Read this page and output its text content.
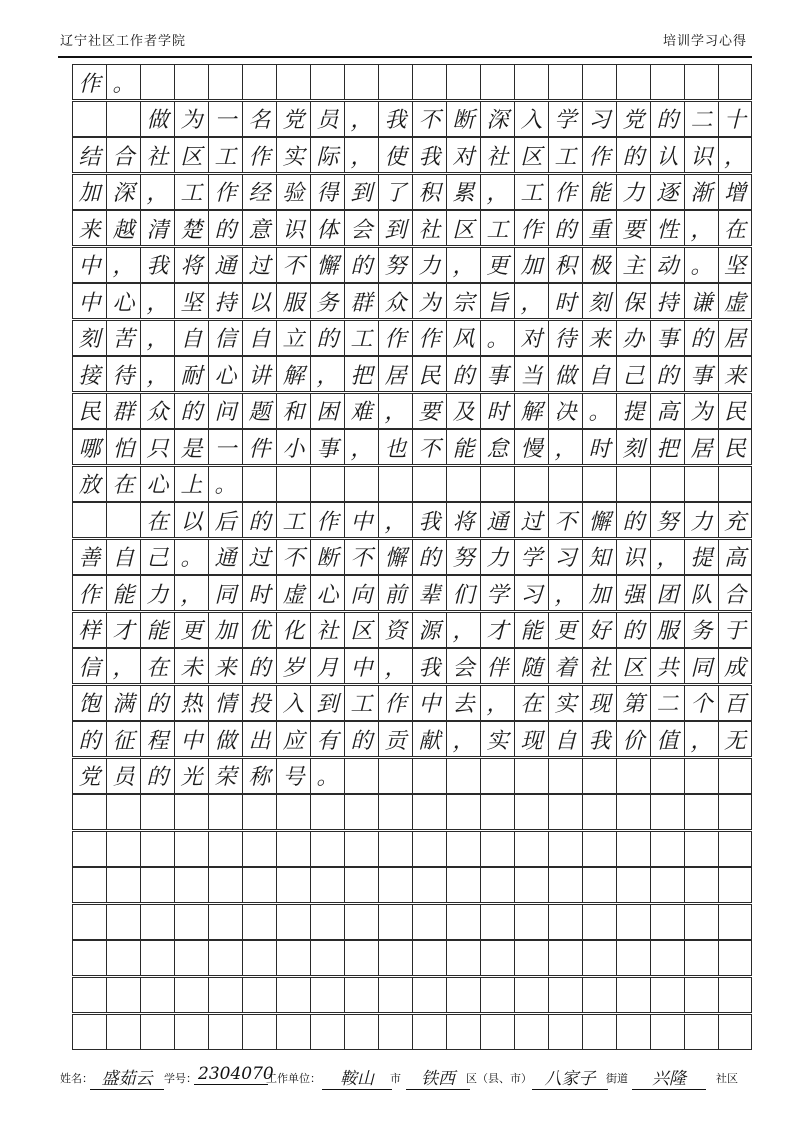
辽宁社区工作者学院	培训学习心得
作 。
做 为 一 名 党 员 ， 我 不 断 深 入 学 习 党 的 二 十
结 合 社 区 工 作 实 际 ， 使 我 对 社 区 工 作 的 认 识 ，
加 深 ， 工 作 经 验 得 到 了 积 累 ， 工 作 能 力 逐 渐 增
来 越 清 楚 的 意 识 体 会 到 社 区 工 作 的 重 要 性 ， 在
中 ， 我 将 通 过 不 懈 的 努 力 ， 更 加 积 极 主 动 。 坚
中 心 ， 坚 持 以 服 务 群 众 为 宗 旨 ， 时 刻 保 持 谦 虚
刻 苦 ， 自 信 自 立 的 工 作 作 风 。 对 待 来 办 事 的 居
接 待 ， 耐 心 讲 解 ， 把 居 民 的 事 当 做 自 己 的 事 来
民 群 众 的 问 题 和 困 难 ， 要 及 时 解 决 。 提 高 为 民
哪 怕 只 是 一 件 小 事 ， 也 不 能 怠 慢 ， 时 刻 把 居 民
放 在 心 上 。
在 以 后 的 工 作 中 ， 我 将 通 过 不 懈 的 努 力 充
善 自 己 。 通 过 不 断 不 懈 的 努 力 学 习 知 识 ， 提 高
作 能 力 ， 同 时 虚 心 向 前 辈 们 学 习 ， 加 强 团 队 合
样 才 能 更 加 优 化 社 区 资 源 ， 才 能 更 好 的 服 务 于
信 ， 在 未 来 的 岁 月 中 ， 我 会 伴 随 着 社 区 共 同 成
饱 满 的 热 情 投 入 到 工 作 中 去 ， 在 实 现 第 二 个 百
的 征 程 中 做 出 应 有 的 贡 献 ， 实 现 自 我 价 值 ， 无
党 员 的 光 荣 称 号 。
姓名： 盛茹云	学号： 2304070
工作单位：	鞍山	市	铁西	区（县、市） 八家子 街道	兴隆	社区
